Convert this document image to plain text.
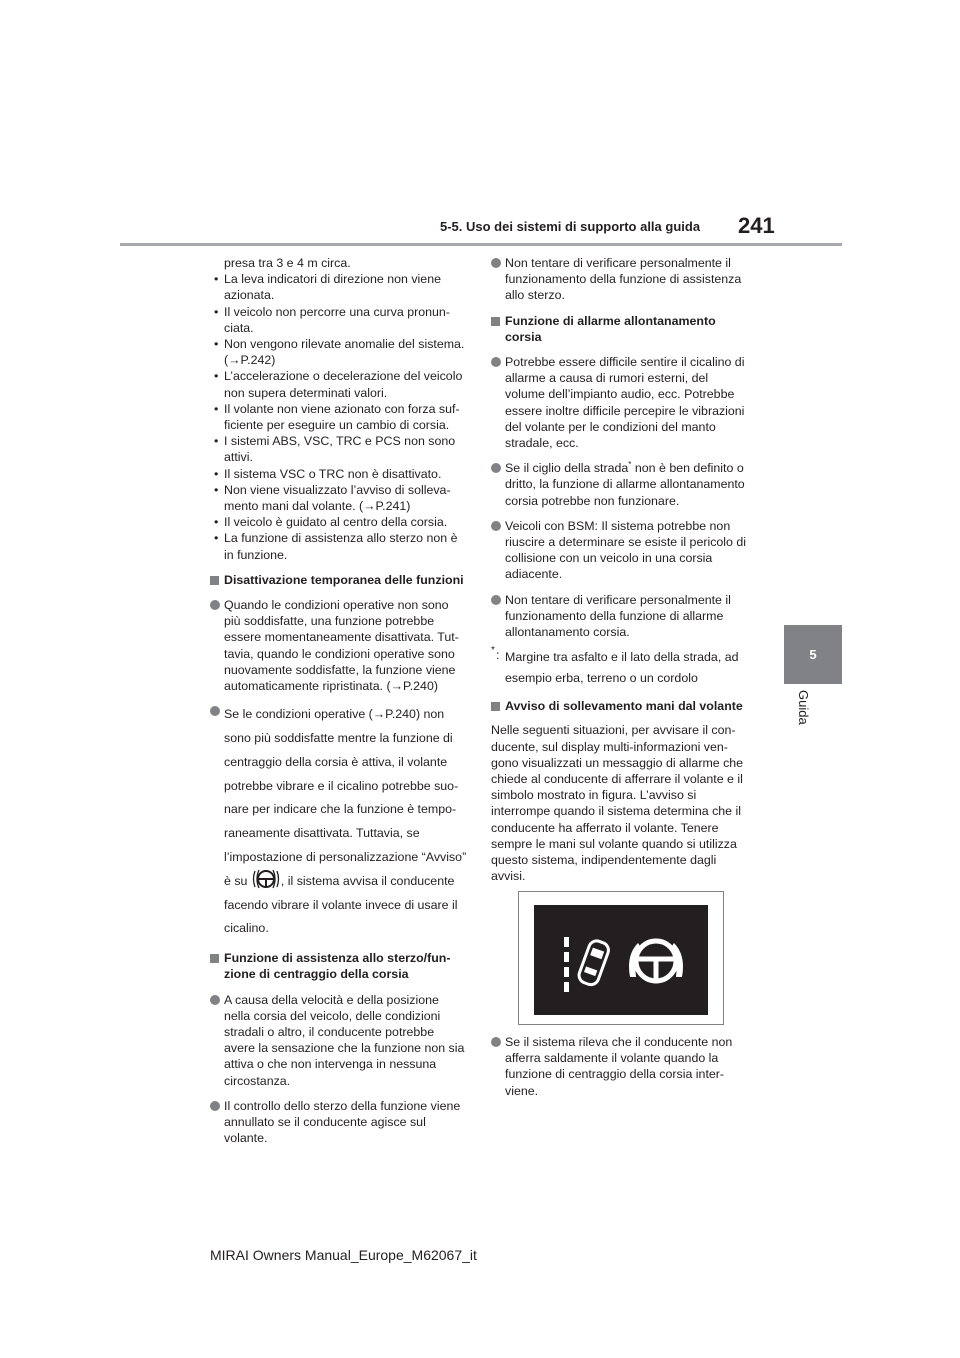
5-5. Uso dei sistemi di supporto alla guida 241
5
Guida
presa tra 3 e 4 m circa.
• La leva indicatori di direzione non viene azionata.
• Il veicolo non percorre una curva pronunciata.
• Non vengono rilevate anomalie del sistema. (→P.242)
• L’accelerazione o decelerazione del veicolo non supera determinati valori.
• Il volante non viene azionato con forza sufficiente per eseguire un cambio di corsia.
• I sistemi ABS, VSC, TRC e PCS non sono attivi.
• Il sistema VSC o TRC non è disattivato.
• Non viene visualizzato l’avviso di sollevamento mani dal volante. (→P.241)
• Il veicolo è guidato al centro della corsia.
• La funzione di assistenza allo sterzo non è in funzione.
Disattivazione temporanea delle funzioni
Quando le condizioni operative non sono più soddisfatte, una funzione potrebbe essere momentaneamente disattivata. Tuttavia, quando le condizioni operative sono nuovamente soddisfatte, la funzione viene automaticamente ripristinata. (→P.240)
Se le condizioni operative (→P.240) non sono più soddisfatte mentre la funzione di centraggio della corsia è attiva, il volante potrebbe vibrare e il cicalino potrebbe suonare per indicare che la funzione è temporaneamente disattivata. Tuttavia, se l’impostazione di personalizzazione “Avviso” è su	, il sistema avvisa il conducente facendo vibrare il volante invece di usare il cicalino.
Funzione di assistenza allo sterzo/funzione di centraggio della corsia
A causa della velocità e della posizione nella corsia del veicolo, delle condizioni stradali o altro, il conducente potrebbe avere la sensazione che la funzione non sia attiva o che non intervenga in nessuna circostanza.
Il controllo dello sterzo della funzione viene annullato se il conducente agisce sul volante.
Non tentare di verificare personalmente il funzionamento della funzione di assistenza allo sterzo.
Funzione di allarme allontanamento corsia
Potrebbe essere difficile sentire il cicalino di allarme a causa di rumori esterni, del volume dell’impianto audio, ecc. Potrebbe essere inoltre difficile percepire le vibrazioni del volante per le condizioni del manto stradale, ecc.
Se il ciglio della strada* non è ben definito o dritto, la funzione di allarme allontanamento corsia potrebbe non funzionare.
Veicoli con BSM: Il sistema potrebbe non riuscire a determinare se esiste il pericolo di collisione con un veicolo in una corsia adiacente.
Non tentare di verificare personalmente il funzionamento della funzione di allarme allontanamento corsia.
* : Margine tra asfalto e il lato della strada, ad esempio erba, terreno o un cordolo
Avviso di sollevamento mani dal volante
Nelle seguenti situazioni, per avvisare il conducente, sul display multi-informazioni vengono visualizzati un messaggio di allarme che chiede al conducente di afferrare il volante e il simbolo mostrato in figura. L’avviso si interrompe quando il sistema determina che il conducente ha afferrato il volante. Tenere sempre le mani sul volante quando si utilizza questo sistema, indipendentemente dagli avvisi.
Se il sistema rileva che il conducente non afferra saldamente il volante quando la funzione di centraggio della corsia interviene.
MIRAI Owners Manual_Europe_M62067_it
